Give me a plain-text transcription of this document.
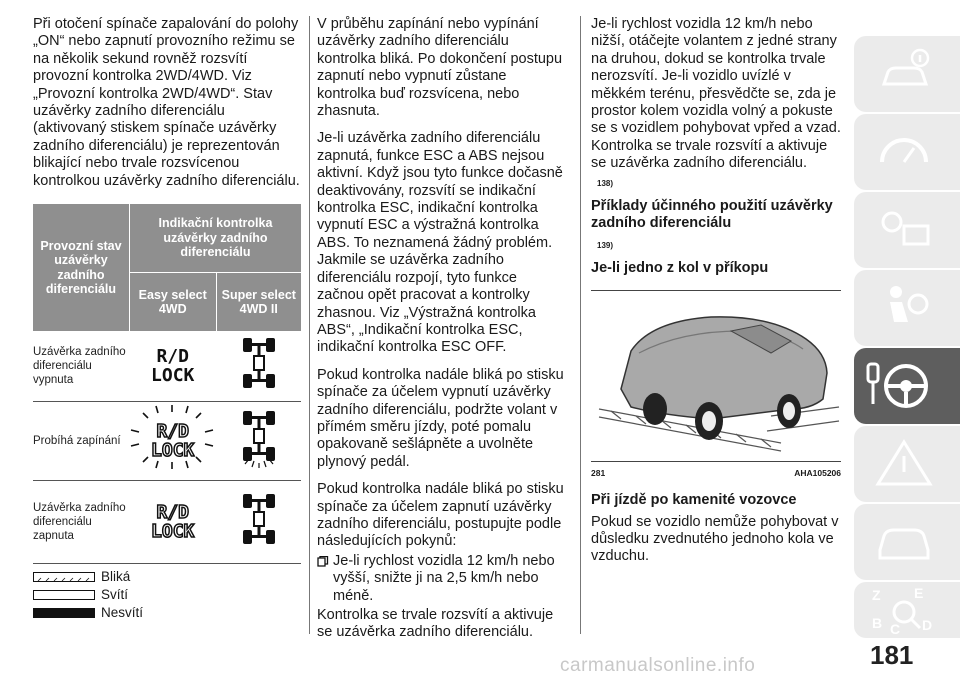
Při otočení spínače zapalování do polohy „ON“ nebo zapnutí provozního režimu se na několik sekund rovněž rozsvítí provozní kontrolka 2WD/4WD. Viz „Provozní kontrolka 2WD/4WD“. Stav uzávěrky zadního diferenciálu (aktivovaný stiskem spínače uzávěrky zadního diferenciálu) je reprezentován blikající nebo trvale rozsvícenou kontrolkou uzávěrky zadního diferenciálu.

Provozní stav uzávěrky zadního diferenciálu	Indikační kontrolka uzávěrky zadního diferenciálu	
	Easy select 4WD	Super select 4WD II
Uzávěrka zadního diferenciálu vypnuta	R/D LOCK	
Probíhá zapínání	R/D LOCK	
Uzávěrka zadního diferenciálu zapnuta	R/D LOCK	
Bliká
Svítí
Nesvítí

V průběhu zapínání nebo vypínání uzávěrky zadního diferenciálu kontrolka bliká. Po dokončení postupu zapnutí nebo vypnutí zůstane kontrolka buď rozsvícena, nebo zhasnuta.

Je-li uzávěrka zadního diferenciálu zapnutá, funkce ESC a ABS nejsou aktivní. Když jsou tyto funkce dočasně deaktivovány, rozsvítí se indikační kontrolka ESC, indikační kontrolka vypnutí ESC a výstražná kontrolka ABS. To neznamená žádný problém. Jakmile se uzávěrka zadního diferenciálu rozpojí, tyto funkce začnou opět pracovat a kontrolky zhasnou. Viz „Výstražná kontrolka ABS“, „Indikační kontrolka ESC, indikační kontrolka ESC OFF.

Pokud kontrolka nadále bliká po stisku spínače za účelem vypnutí uzávěrky zadního diferenciálu, podržte volant v přímém směru jízdy, poté pomalu opakovaně sešlápněte a uvolněte plynový pedál.

Pokud kontrolka nadále bliká po stisku spínače za účelem zapnutí uzávěrky zadního diferenciálu, postupujte podle následujících pokynů:

Je-li rychlost vozidla 12 km/h nebo vyšší, snižte ji na 2,5 km/h nebo méně.

Kontrolka se trvale rozsvítí a aktivuje se uzávěrka zadního diferenciálu.

Je-li rychlost vozidla 12 km/h nebo nižší, otáčejte volantem z jedné strany na druhou, dokud se kontrolka trvale nerozsvítí. Je-li vozidlo uvízlé v měkkém terénu, přesvědčte se, zda je prostor kolem vozidla volný a pokuste se s vozidlem pohybovat vpřed a vzad. Kontrolka se trvale rozsvítí a aktivuje se uzávěrka zadního diferenciálu.

138)
Příklady účinného použití uzávěrky zadního diferenciálu
139)
Je-li jedno z kol v příkopu
281	AHA105206
Při jízdě po kamenité vozovce

Pokud se vozidlo nemůže pohybovat v důsledku zvednutého jednoho kola ve vzduchu.

Z E
B C D
181
carmanualsonline.info
